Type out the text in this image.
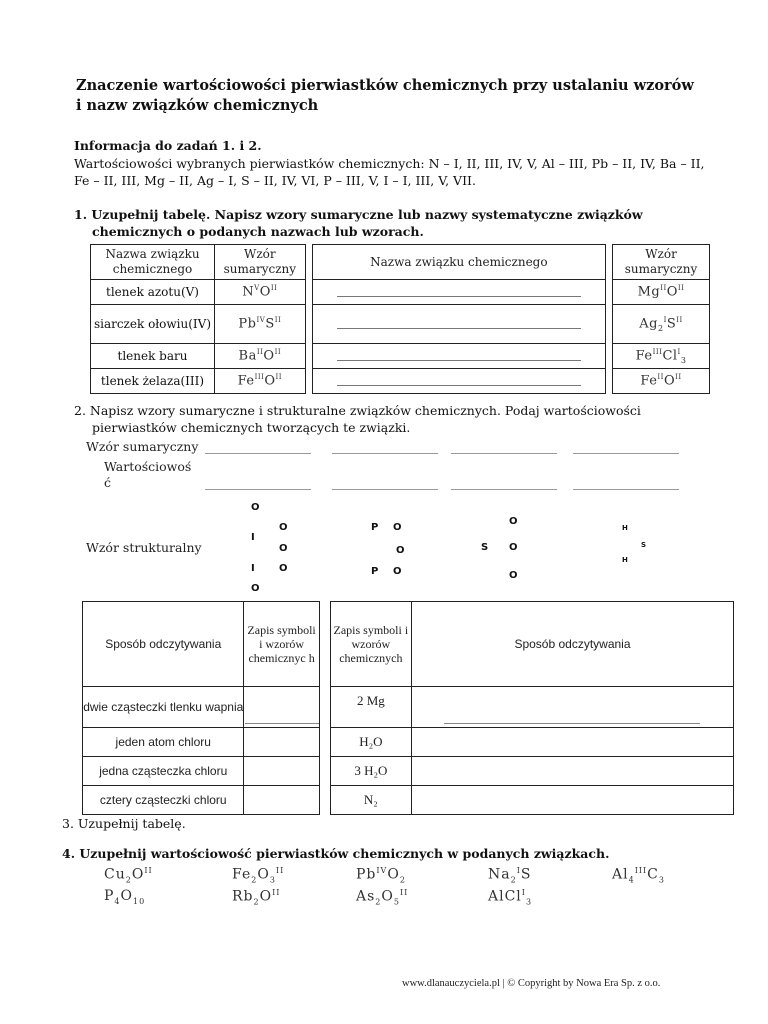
Znaczenie wartościowości pierwiastków chemicznych przy ustalaniu wzorów i nazw związków chemicznych
Informacja do zadań 1. i 2.
Wartościowości wybranych pierwiastków chemicznych: N – I, II, III, IV, V, Al – III, Pb – II, IV, Ba – II, Fe – II, III, Mg – II, Ag – I, S – II, IV, VI, P – III, V, I – I, III, V, VII.
1. Uzupełnij tabelę. Napisz wzory sumaryczne lub nazwy systematyczne związków
chemicznych o podanych nazwach lub wzorach.
Nazwa związku chemicznego	Wzór sumaryczny		Nazwa związku chemicznego		Wzór sumaryczny
tlenek azotu(V)	$N^VO^{II}$				$Mg^{II}O^{II}$
siarczek ołowiu(IV)	$Pb^{IV}S^{II}$				$Ag_2^IS^{II}$
tlenek baru	$Ba^{II}O^{II}$				$Fe^{III}Cl^I_3$
tlenek żelaza(III)	$Fe^{III}O^{II}$				$Fe^{II}O^{II}$
2. Napisz wzory sumaryczne i strukturalne związków chemicznych. Podaj wartościowości
pierwiastków chemicznych tworzących te związki.
Wzór sumaryczny
Wartościowoś
ć
Wzór strukturalny
O
O
I
O
I O
O
P O
O
P O
O
S O
O
H
S
H
Sposób odczytywania	Zapis symboli i wzorów chemicznyc h		Zapis symboli i wzorów chemicznych	Sposób odczytywania
dwie cząsteczki tlenku wapnia			2 Mg	
jeden atom chloru			H₂O	
jedna cząsteczka chloru			3 H₂O	
cztery cząsteczki chloru			N₂	
3. Uzupełnij tabelę.
4. Uzupełnij wartościowość pierwiastków chemicznych w podanych związkach.
$Cu_2O^{II}$	$Fe_2O_3^{II}$	$Pb^{IV}O_2$	$Na_2^IS$	$Al_4^{III}C_3$
$P_4O_{10}$	$Rb_2O^{II}$	$As_2O_5^{II}$	AlCl$^I_3$
www.dlanauczyciela.pl | © Copyright by Nowa Era Sp. z o.o.
